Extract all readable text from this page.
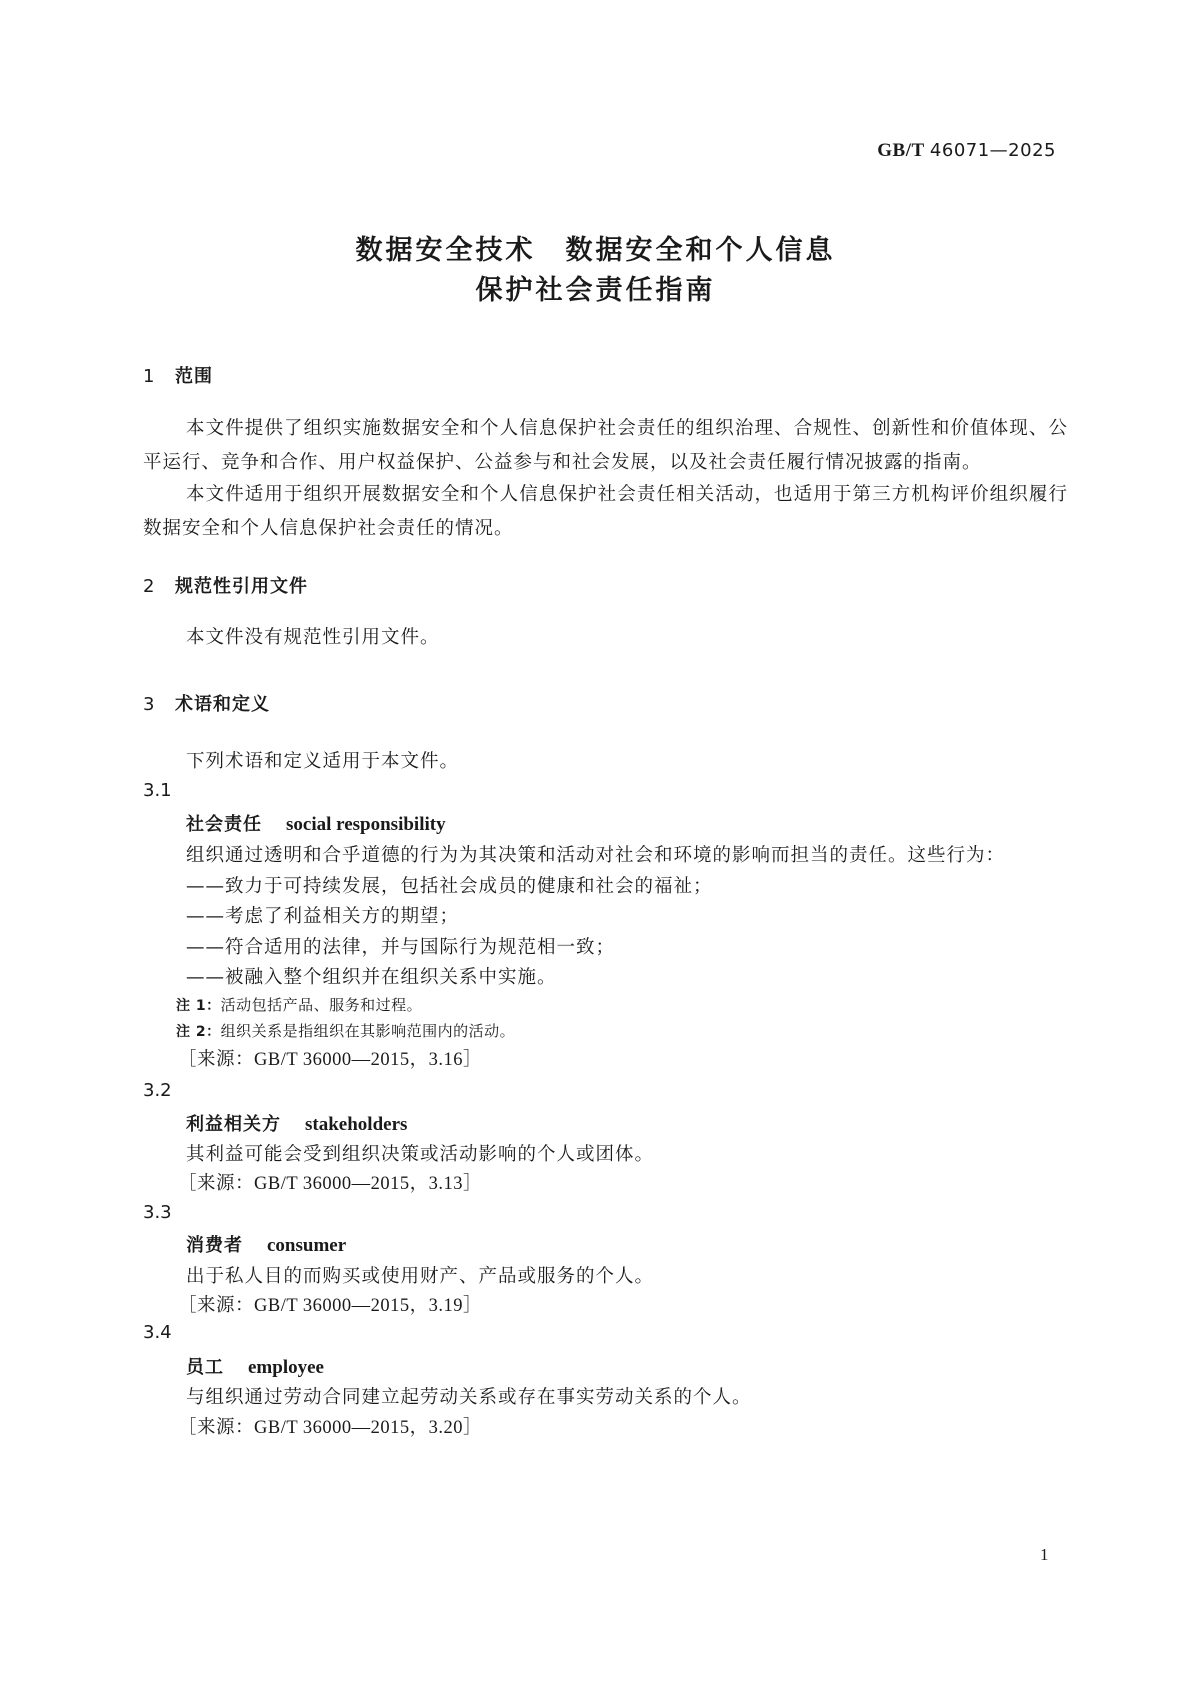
GB/T 46071—2025
数据安全技术　数据安全和个人信息
保护社会责任指南
1 范围
本文件提供了组织实施数据安全和个人信息保护社会责任的组织治理、合规性、创新性和价值体现、公平运行、竞争和合作、用户权益保护、公益参与和社会发展，以及社会责任履行情况披露的指南。
本文件适用于组织开展数据安全和个人信息保护社会责任相关活动，也适用于第三方机构评价组织履行数据安全和个人信息保护社会责任的情况。
2 规范性引用文件
本文件没有规范性引用文件。
3 术语和定义
下列术语和定义适用于本文件。
3.1
社会责任 social responsibility
组织通过透明和合乎道德的行为为其决策和活动对社会和环境的影响而担当的责任。这些行为：
——致力于可持续发展，包括社会成员的健康和社会的福祉；
——考虑了利益相关方的期望；
——符合适用的法律，并与国际行为规范相一致；
——被融入整个组织并在组织关系中实施。
注 1：活动包括产品、服务和过程。
注 2：组织关系是指组织在其影响范围内的活动。
［来源：GB/T 36000—2015，3.16］
3.2
利益相关方 stakeholders
其利益可能会受到组织决策或活动影响的个人或团体。
［来源：GB/T 36000—2015，3.13］
3.3
消费者 consumer
出于私人目的而购买或使用财产、产品或服务的个人。
［来源：GB/T 36000—2015，3.19］
3.4
员工 employee
与组织通过劳动合同建立起劳动关系或存在事实劳动关系的个人。
［来源：GB/T 36000—2015，3.20］
1
